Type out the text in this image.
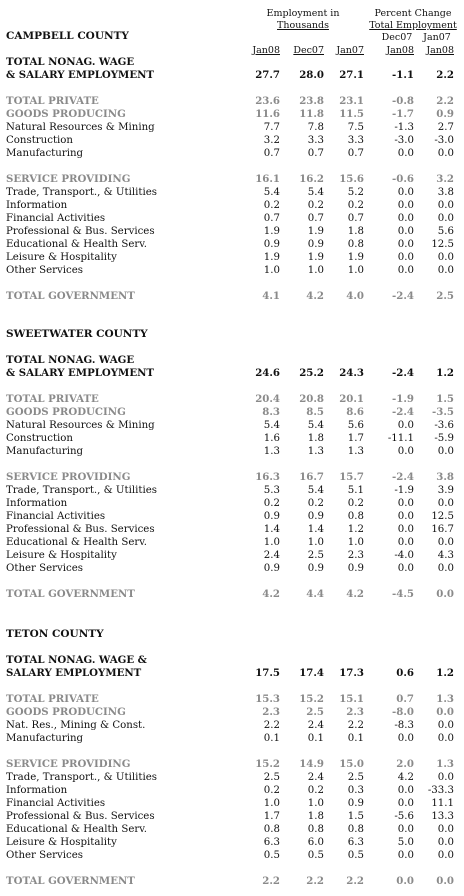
Employment in
Thousands
Percent Change
Total Employment
Dec07	Jan07
Jan08 Dec07 Jan07 Jan08 Jan08
CAMPBELL COUNTY
TOTAL NONAG. WAGE
& SALARY EMPLOYMENT	27.7 28.0 27.1	-1.1 2.2
TOTAL PRIVATE	23.6 23.8 23.1	-0.8 2.2
GOODS PRODUCING	11.6 11.8 11.5	-1.7 0.9
Natural Resources & Mining	7.7	7.8 7.5	-1.3 2.7
Construction	3.2	3.3 3.3	-3.0 -3.0
Manufacturing	0.7	0.7 0.7	0.0 0.0
SERVICE PROVIDING	16.1 16.2 15.6	-0.6 3.2
Trade, Transport., & Utilities	5.4	5.4 5.2	0.0 3.8
Information	0.2	0.2 0.2	0.0 0.0
Financial Activities	0.7	0.7 0.7	0.0 0.0
Professional & Bus. Services	1.9	1.9 1.8	0.0 5.6
Educational & Health Serv.	0.9	0.9 0.8	0.0 12.5
Leisure & Hospitality	1.9	1.9 1.9	0.0 0.0
Other Services	1.0	1.0 1.0	0.0 0.0
TOTAL GOVERNMENT	4.1	4.2 4.0	-2.4 2.5
SWEETWATER COUNTY
TOTAL NONAG. WAGE
& SALARY EMPLOYMENT	24.6 25.2 24.3	-2.4 1.2
TOTAL PRIVATE	20.4 20.8 20.1	-1.9 1.5
GOODS PRODUCING	8.3	8.5 8.6	-2.4 -3.5
Natural Resources & Mining	5.4	5.4 5.6	0.0 -3.6
Construction	1.6	1.8 1.7 -11.1 -5.9
Manufacturing	1.3	1.3 1.3	0.0 0.0
SERVICE PROVIDING	16.3 16.7 15.7	-2.4 3.8
Trade, Transport., & Utilities	5.3	5.4 5.1	-1.9 3.9
Information	0.2	0.2 0.2	0.0 0.0
Financial Activities	0.9	0.9 0.8	0.0 12.5
Professional & Bus. Services	1.4	1.4 1.2	0.0 16.7
Educational & Health Serv.	1.0	1.0 1.0	0.0 0.0
Leisure & Hospitality	2.4	2.5 2.3	-4.0 4.3
Other Services	0.9	0.9 0.9	0.0 0.0
TOTAL GOVERNMENT	4.2	4.4 4.2	-4.5 0.0
TETON COUNTY
TOTAL NONAG. WAGE &
SALARY EMPLOYMENT	17.5 17.4 17.3	0.6 1.2
TOTAL PRIVATE	15.3 15.2 15.1	0.7 1.3
GOODS PRODUCING	2.3	2.5 2.3	-8.0 0.0
Nat. Res., Mining & Const.	2.2	2.4 2.2	-8.3 0.0
Manufacturing	0.1	0.1 0.1	0.0 0.0
SERVICE PROVIDING	15.2 14.9 15.0	2.0 1.3
Trade, Transport., & Utilities	2.5	2.4 2.5	4.2 0.0
Information	0.2	0.2 0.3	0.0 -33.3
Financial Activities	1.0	1.0 0.9	0.0 11.1
Professional & Bus. Services	1.7	1.8 1.5	-5.6 13.3
Educational & Health Serv.	0.8	0.8 0.8	0.0 0.0
Leisure & Hospitality	6.3	6.0 6.3	5.0 0.0
Other Services	0.5	0.5 0.5	0.0 0.0
TOTAL GOVERNMENT	2.2	2.2 2.2	0.0 0.0
